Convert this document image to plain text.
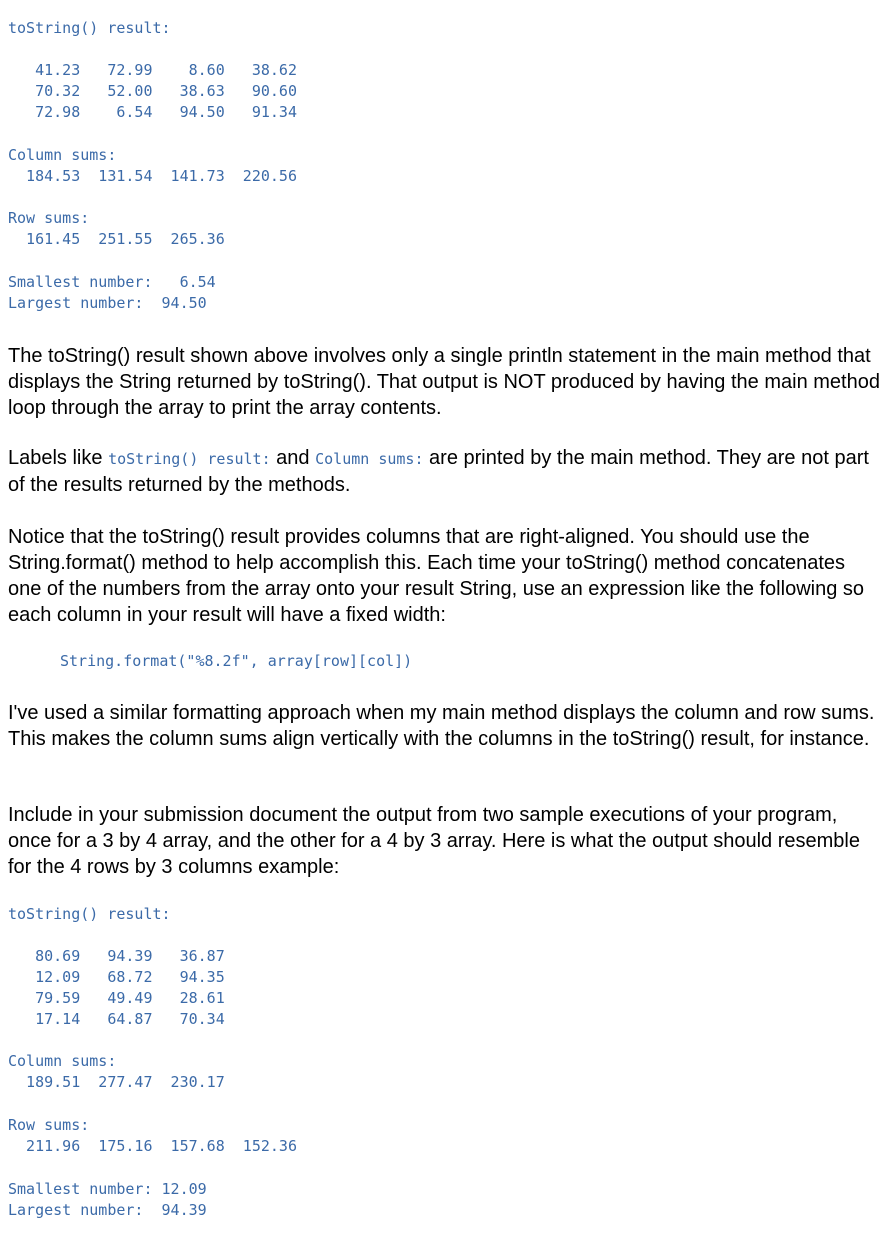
toString() result:
41.23   72.99    8.60   38.62
70.32   52.00   38.63   90.60
72.98    6.54   94.50   91.34
Column sums:
184.53  131.54  141.73  220.56
Row sums:
161.45  251.55  265.36
Smallest number:   6.54
Largest number:  94.50

The toString() result shown above involves only a single println statement in the main method that displays the String returned by toString(). That output is NOT produced by having the main method loop through the array to print the array contents.

Labels like toString() result: and Column sums: are printed by the main method. They are not part of the results returned by the methods.

Notice that the toString() result provides columns that are right-aligned. You should use the String.format() method to help accomplish this. Each time your toString() method concatenates one of the numbers from the array onto your result String, use an expression like the following so each column in your result will have a fixed width:

String.format("%8.2f", array[row][col])

I've used a similar formatting approach when my main method displays the column and row sums. This makes the column sums align vertically with the columns in the toString() result, for instance.

Include in your submission document the output from two sample executions of your program, once for a 3 by 4 array, and the other for a 4 by 3 array. Here is what the output should resemble for the 4 rows by 3 columns example:

toString() result:
80.69   94.39   36.87
12.09   68.72   94.35
79.59   49.49   28.61
17.14   64.87   70.34
Column sums:
189.51  277.47  230.17
Row sums:
211.96  175.16  157.68  152.36
Smallest number: 12.09
Largest number:  94.39
